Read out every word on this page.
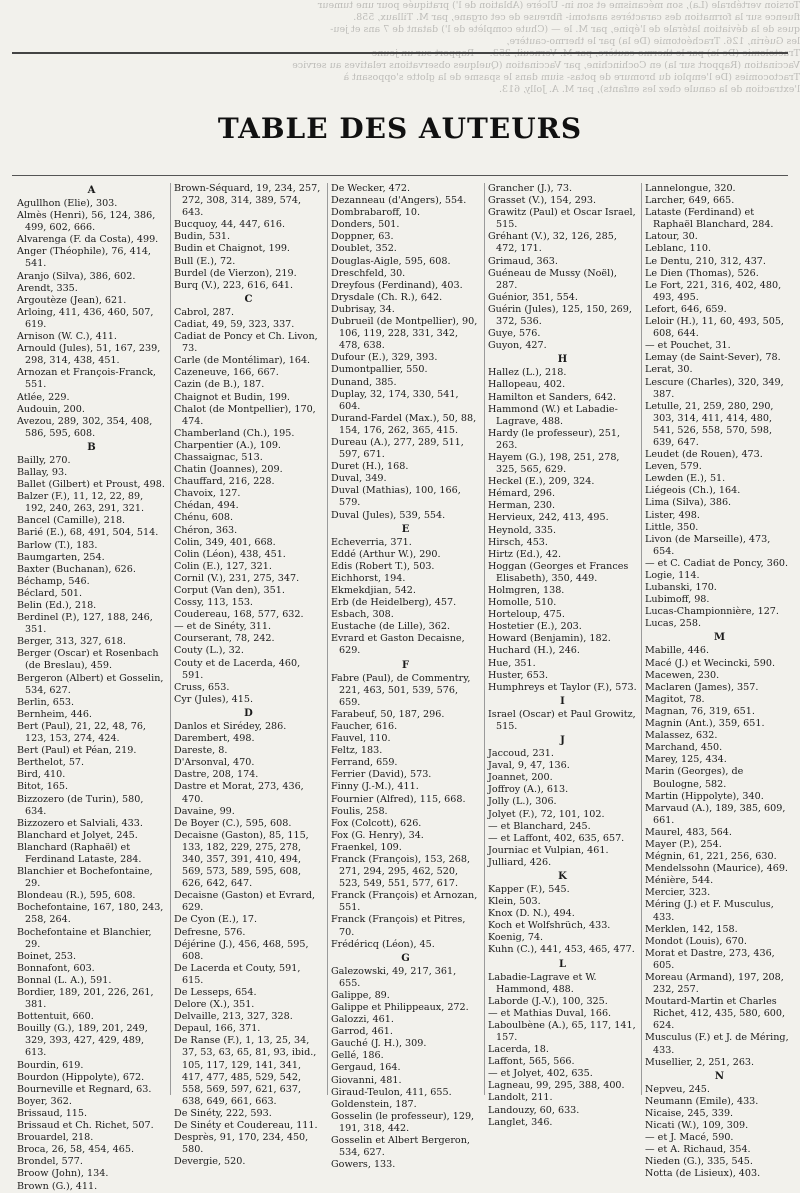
Torsion vertébrale (La), son mécanisme et son in- Ulcère (Ablation de l') pratiquée pour une tumeur
fluence sur la formation des caractères anatomi- fibreuse de cet organe, par M. Tillaux, 558.
ques de la déviation latérale de l'épine, par M. le — (Chute complète de l') datant de 7 ans et jeu-
les Guérin, 126. Trachéotomie (De la) par le thermo-cautère,
Tractolomie (De la) par le thermo-cautère, par M. Verneuil, 253. — Rapport sur un jeune
Vaccination (Rapport sur la) en Cochinchine, par Vaccination (Quelques observations relatives au service
Tractocomies (De l'emploi du bromure de potas- sium dans le spasme de la glotte s'opposant à
l'extraction de la canule chez les enfants), par M. A. Jolly, 613.
TABLE DES AUTEURS
A
Agullhon (Elie), 303.
Almès (Henri), 56, 124, 386, 499, 602, 666.
Alvarenga (F. da Costa), 499.
Anger (Théophile), 76, 414, 541.
Aranjo (Silva), 386, 602.
Arendt, 335.
Argoutèze (Jean), 621.
Arloing, 411, 436, 460, 507, 619.
Arnison (W. C.), 411.
Arnould (Jules), 51, 167, 239, 298, 314, 438, 451.
Arnozan et François-Franck, 551.
Atlée, 229.
Audouin, 200.
Avezou, 289, 302, 354, 408, 586, 595, 608.
B
Bailly, 270.
Ballay, 93.
Ballet (Gilbert) et Proust, 498.
Balzer (F.), 11, 12, 22, 89, 192, 240, 263, 291, 321.
Bancel (Camille), 218.
Barié (E.), 68, 491, 504, 514.
Barlow (T.), 183.
Baumgarten, 254.
Baxter (Buchanan), 626.
Béchamp, 546.
Béclard, 501.
Belin (Ed.), 218.
Berdinel (P.), 127, 188, 246, 351.
Berger, 313, 327, 618.
Berger (Oscar) et Rosenbach (de Breslau), 459.
Bergeron (Albert) et Gosselin, 534, 627.
Berlin, 653.
Bernheim, 446.
Bert (Paul), 21, 22, 48, 76, 123, 153, 274, 424.
Bert (Paul) et Péan, 219.
Berthelot, 57.
Bird, 410.
Bitot, 165.
Bizzozero (de Turin), 580, 634.
Bizzozero et Salviali, 433.
Blanchard et Jolyet, 245.
Blanchard (Raphaël) et Ferdinand Lataste, 284.
Blanchier et Bochefontaine, 29.
Blondeau (R.), 595, 608.
Bochefontaine, 167, 180, 243, 258, 264.
Bochefontaine et Blanchier, 29.
Boinet, 253.
Bonnafont, 603.
Bonnal (L. A.), 591.
Bordier, 189, 201, 226, 261, 381.
Bottentuit, 660.
Bouilly (G.), 189, 201, 249, 329, 393, 427, 429, 489, 613.
Bourdin, 619.
Bourdon (Hippolyte), 672.
Bourneville et Regnard, 63.
Boyer, 362.
Brissaud, 115.
Brissaud et Ch. Richet, 507.
Brouardel, 218.
Broca, 26, 58, 454, 465.
Brondel, 577.
Broow (John), 134.
Brown (G.), 411.
Brown-Séquard, 19, 234, 257, 272, 308, 314, 389, 574, 643.
Bucquoy, 44, 447, 616.
Budin, 531.
Budin et Chaignot, 199.
Bull (E.), 72.
Burdel (de Vierzon), 219.
Burq (V.), 223, 616, 641.
C
Cabrol, 287.
Cadiat, 49, 59, 323, 337.
Cadiat de Poncy et Ch. Livon, 73.
Carle (de Montélimar), 164.
Cazeneuve, 166, 667.
Cazin (de B.), 187.
Chaignot et Budin, 199.
Chalot (de Montpellier), 170, 474.
Chamberland (Ch.), 195.
Charpentier (A.), 109.
Chassaignac, 513.
Chatin (Joannes), 209.
Chauffard, 216, 228.
Chavoix, 127.
Chédan, 494.
Chénu, 608.
Chéron, 363.
Colin, 349, 401, 668.
Colin (Léon), 438, 451.
Colin (E.), 127, 321.
Cornil (V.), 231, 275, 347.
Corput (Van den), 351.
Cossy, 113, 153.
Coudereau, 168, 577, 632.
— et de Sinéty, 311.
Courserant, 78, 242.
Couty (L.), 32.
Couty et de Lacerda, 460, 591.
Cruss, 653.
Cyr (Jules), 415.
D
Danlos et Sirédey, 286.
Darembert, 498.
Dareste, 8.
D'Arsonval, 470.
Dastre, 208, 174.
Dastre et Morat, 273, 436, 470.
Davaine, 99.
De Boyer (C.), 595, 608.
Decaisne (Gaston), 85, 115, 133, 182, 229, 275, 278, 340, 357, 391, 410, 494, 569, 573, 589, 595, 608, 626, 642, 647.
Decaisne (Gaston) et Evrard, 629.
De Cyon (E.), 17.
Defresne, 576.
Déjérine (J.), 456, 468, 595, 608.
De Lacerda et Couty, 591, 615.
De Lesseps, 654.
Delore (X.), 351.
Delvaille, 213, 327, 328.
Depaul, 166, 371.
De Ranse (F.), 1, 13, 25, 34, 37, 53, 63, 65, 81, 93, ibid., 105, 117, 129, 141, 341, 417, 477, 485, 529, 542, 558, 569, 597, 621, 637, 638, 649, 661, 663.
De Sinéty, 222, 593.
De Sinéty et Coudereau, 111.
Desprès, 91, 170, 234, 450, 580.
Devergie, 520.
De Wecker, 472.
Dezanneau (d'Angers), 554.
Dombrabaroff, 10.
Donders, 501.
Doppner, 63.
Doublet, 352.
Douglas-Aigle, 595, 608.
Dreschfeld, 30.
Dreyfous (Ferdinand), 403.
Drysdale (Ch. R.), 642.
Dubrisay, 34.
Dubrueil (de Montpellier), 90, 106, 119, 228, 331, 342, 478, 638.
Dufour (E.), 329, 393.
Dumontpallier, 550.
Dunand, 385.
Duplay, 32, 174, 330, 541, 604.
Durand-Fardel (Max.), 50, 88, 154, 176, 262, 365, 415.
Dureau (A.), 277, 289, 511, 597, 671.
Duret (H.), 168.
Duval, 349.
Duval (Mathias), 100, 166, 579.
Duval (Jules), 539, 554.
E
Echeverria, 371.
Eddé (Arthur W.), 290.
Edis (Robert T.), 503.
Eichhorst, 194.
Ekmekdjian, 542.
Erb (de Heidelberg), 457.
Esbach, 308.
Eustache (de Lille), 362.
Evrard et Gaston Decaisne, 629.
F
Fabre (Paul), de Commentry, 221, 463, 501, 539, 576, 659.
Farabeuf, 50, 187, 296.
Faucher, 616.
Fauvel, 110.
Feltz, 183.
Ferrand, 659.
Ferrier (David), 573.
Finny (J.-M.), 411.
Fournier (Alfred), 115, 668.
Foulis, 258.
Fox (Colcott), 626.
Fox (G. Henry), 34.
Fraenkel, 109.
Franck (François), 153, 268, 271, 294, 295, 462, 520, 523, 549, 551, 577, 617.
Franck (François) et Arnozan, 551.
Franck (François) et Pitres, 70.
Frédéricq (Léon), 45.
G
Galezowski, 49, 217, 361, 655.
Galippe, 89.
Galippe et Philippeaux, 272.
Galozzi, 461.
Garrod, 461.
Gauché (J. H.), 309.
Gellé, 186.
Gergaud, 164.
Giovanni, 481.
Giraud-Teulon, 411, 655.
Goldenstein, 187.
Gosselin (le professeur), 129, 191, 318, 442.
Gosselin et Albert Bergeron, 534, 627.
Gowers, 133.
Grancher (J.), 73.
Grasset (V.), 154, 293.
Grawitz (Paul) et Oscar Israel, 515.
Gréhant (V.), 32, 126, 285, 472, 171.
Grimaud, 363.
Guéneau de Mussy (Noël), 287.
Guénior, 351, 554.
Guérin (Jules), 125, 150, 269, 372, 536.
Guye, 576.
Guyon, 427.
H
Hallez (L.), 218.
Hallopeau, 402.
Hamilton et Sanders, 642.
Hammond (W.) et Labadie-Lagrave, 488.
Hardy (le professeur), 251, 263.
Hayem (G.), 198, 251, 278, 325, 565, 629.
Heckel (E.), 209, 324.
Hémard, 296.
Herman, 230.
Hervieux, 242, 413, 495.
Heynold, 335.
Hirsch, 453.
Hirtz (Ed.), 42.
Hoggan (Georges et Frances Elisabeth), 350, 449.
Holmgren, 138.
Homolle, 510.
Horteloup, 475.
Hostetier (E.), 203.
Howard (Benjamin), 182.
Huchard (H.), 246.
Hue, 351.
Huster, 653.
Humphreys et Taylor (F.), 573.
I
Israel (Oscar) et Paul Growitz, 515.
J
Jaccoud, 231.
Javal, 9, 47, 136.
Joannet, 200.
Joffroy (A.), 613.
Jolly (L.), 306.
Jolyet (F.), 72, 101, 102.
— et Blanchard, 245.
— et Laffont, 402, 635, 657.
Journiac et Vulpian, 461.
Julliard, 426.
K
Kapper (F.), 545.
Klein, 503.
Knox (D. N.), 494.
Koch et Wolfshrüch, 433.
Koenig, 74.
Kuhn (C.), 441, 453, 465, 477.
L
Labadie-Lagrave et W. Hammond, 488.
Laborde (J.-V.), 100, 325.
— et Mathias Duval, 166.
Laboulbène (A.), 65, 117, 141, 157.
Lacerda, 18.
Laffont, 565, 566.
— et Jolyet, 402, 635.
Lagneau, 99, 295, 388, 400.
Landolt, 211.
Landouzy, 60, 633.
Langlet, 346.
Lannelongue, 320.
Larcher, 649, 665.
Lataste (Ferdinand) et Raphaël Blanchard, 284.
Latour, 30.
Leblanc, 110.
Le Dentu, 210, 312, 437.
Le Dien (Thomas), 526.
Le Fort, 221, 316, 402, 480, 493, 495.
Lefort, 646, 659.
Leloir (H.), 11, 60, 493, 505, 608, 644.
— et Pouchet, 31.
Lemay (de Saint-Sever), 78.
Lerat, 30.
Lescure (Charles), 320, 349, 387.
Letulle, 21, 259, 280, 290, 303, 314, 411, 414, 480, 541, 526, 558, 570, 598, 639, 647.
Leudet (de Rouen), 473.
Leven, 579.
Lewden (E.), 51.
Liégeois (Ch.), 164.
Lima (Silva), 386.
Lister, 498.
Little, 350.
Livon (de Marseille), 473, 654.
— et C. Cadiat de Poncy, 360.
Logie, 114.
Lubanski, 170.
Lubimoff, 98.
Lucas-Championnière, 127.
Lucas, 258.
M
Mabille, 446.
Macé (J.) et Wecincki, 590.
Macewen, 230.
Maclaren (James), 357.
Magitot, 78.
Magnan, 76, 319, 651.
Magnin (Ant.), 359, 651.
Malassez, 632.
Marchand, 450.
Marey, 125, 434.
Marin (Georges), de Boulogne, 582.
Martin (Hippolyte), 340.
Marvaud (A.), 189, 385, 609, 661.
Maurel, 483, 564.
Mayer (P.), 254.
Mégnin, 61, 221, 256, 630.
Mendelssohn (Maurice), 469.
Ménière, 544.
Mercier, 323.
Méring (J.) et F. Musculus, 433.
Merklen, 142, 158.
Mondot (Louis), 670.
Morat et Dastre, 273, 436, 605.
Moreau (Armand), 197, 208, 232, 257.
Moutard-Martin et Charles Richet, 412, 435, 580, 600, 624.
Musculus (F.) et J. de Méring, 433.
Musellier, 2, 251, 263.
N
Nepveu, 245.
Neumann (Emile), 433.
Nicaise, 245, 339.
Nicati (W.), 109, 309.
— et J. Macé, 590.
— et A. Richaud, 354.
Nieden (G.), 335, 545.
Notta (de Lisieux), 403.
